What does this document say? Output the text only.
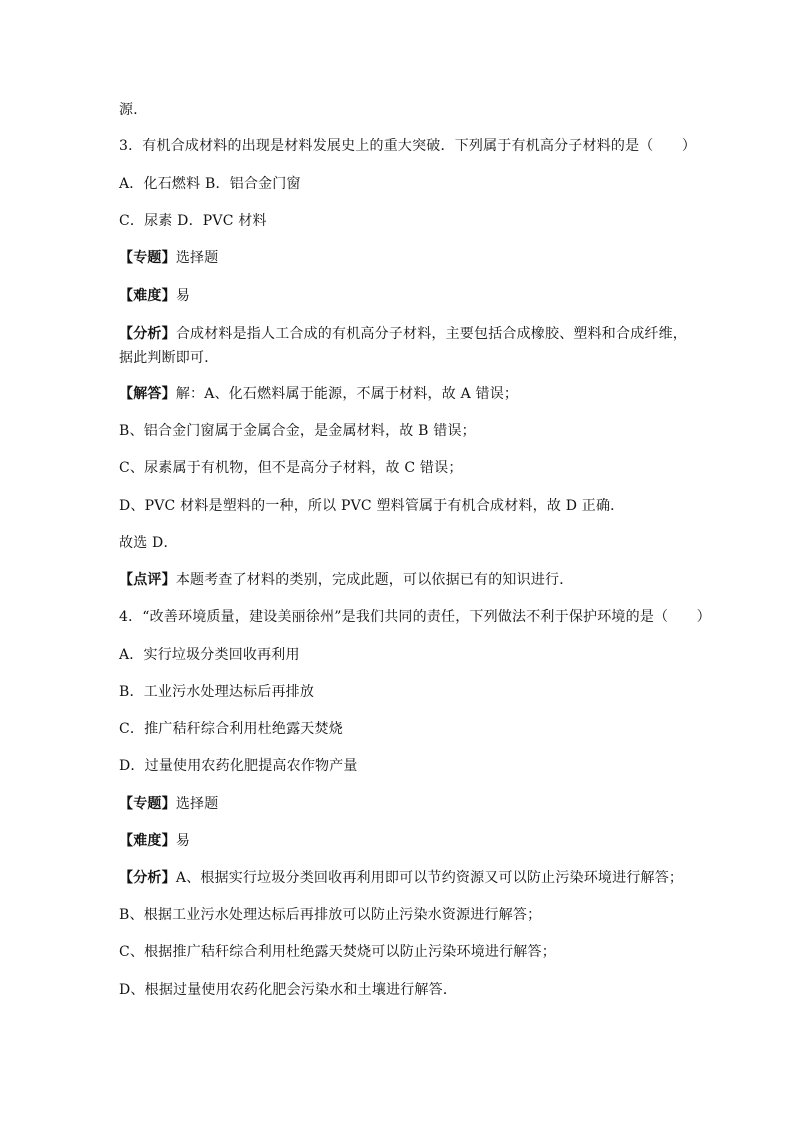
源．
3．有机合成材料的出现是材料发展史上的重大突破．下列属于有机高分子材料的是（　　）
A．化石燃料 B．铝合金门窗
C．尿素 D．PVC 材料
【专题】选择题
【难度】易
【分析】合成材料是指人工合成的有机高分子材料，主要包括合成橡胶、塑料和合成纤维，据此判断即可．
【解答】解：A、化石燃料属于能源，不属于材料，故 A 错误；
B、铝合金门窗属于金属合金，是金属材料，故 B 错误；
C、尿素属于有机物，但不是高分子材料，故 C 错误；
D、PVC 材料是塑料的一种，所以 PVC 塑料管属于有机合成材料，故 D 正确．
故选 D．
【点评】本题考查了材料的类别，完成此题，可以依据已有的知识进行．
4．“改善环境质量，建设美丽徐州”是我们共同的责任，下列做法不利于保护环境的是（　　）
A．实行垃圾分类回收再利用
B．工业污水处理达标后再排放
C．推广秸秆综合利用杜绝露天焚烧
D．过量使用农药化肥提高农作物产量
【专题】选择题
【难度】易
【分析】A、根据实行垃圾分类回收再利用即可以节约资源又可以防止污染环境进行解答；
B、根据工业污水处理达标后再排放可以防止污染水资源进行解答；
C、根据推广秸秆综合利用杜绝露天焚烧可以防止污染环境进行解答；
D、根据过量使用农药化肥会污染水和土壤进行解答．
